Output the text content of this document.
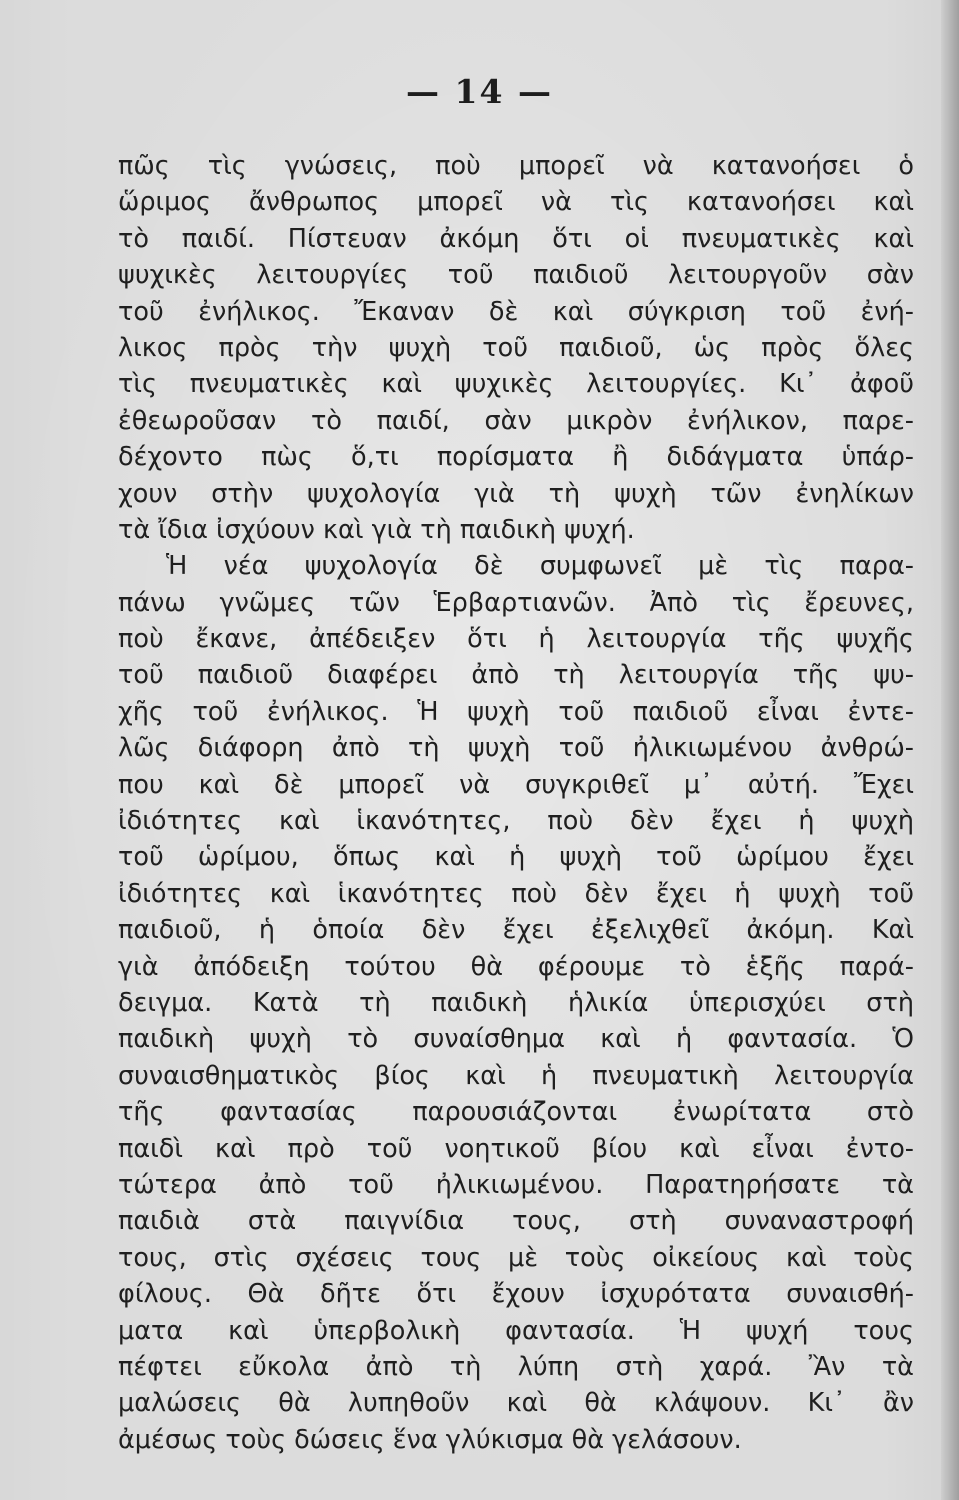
— 14 —
πῶς τὶς γνώσεις, ποὺ μπορεῖ νὰ κατανοήσει ὁ
ὥριμος ἄνθρωπος μπορεῖ νὰ τὶς κατανοήσει καὶ
τὸ παιδί. Πίστευαν ἀκόμη ὅτι οἱ πνευματικὲς καὶ
ψυχικὲς λειτουργίες τοῦ παιδιοῦ λειτουργοῦν σὰν
τοῦ ἐνήλικος. Ἔκαναν δὲ καὶ σύγκριση τοῦ ἐνή-
λικος πρὸς τὴν ψυχὴ τοῦ παιδιοῦ, ὡς πρὸς ὅλες
τὶς πνευματικὲς καὶ ψυχικὲς λειτουργίες. Κι᾿ ἀφοῦ
ἐθεωροῦσαν τὸ παιδί, σὰν μικρὸν ἐνήλικον, παρε-
δέχοντο πὼς ὅ,τι πορίσματα ἢ διδάγματα ὑπάρ-
χουν στὴν ψυχολογία γιὰ τὴ ψυχὴ τῶν ἐνηλίκων
τὰ ἴδια ἰσχύουν καὶ γιὰ τὴ παιδικὴ ψυχή.
Ἡ νέα ψυχολογία δὲ συμφωνεῖ μὲ τὶς παρα-
πάνω γνῶμες τῶν Ἑρβαρτιανῶν. Ἀπὸ τὶς ἔρευνες,
ποὺ ἔκανε, ἀπέδειξεν ὅτι ἡ λειτουργία τῆς ψυχῆς
τοῦ παιδιοῦ διαφέρει ἀπὸ τὴ λειτουργία τῆς ψυ-
χῆς τοῦ ἐνήλικος. Ἡ ψυχὴ τοῦ παιδιοῦ εἶναι ἐντε-
λῶς διάφορη ἀπὸ τὴ ψυχὴ τοῦ ἠλικιωμένου ἀνθρώ-
που καὶ δὲ μπορεῖ νὰ συγκριθεῖ μ᾿ αὐτή. Ἔχει
ἰδιότητες καὶ ἱκανότητες, ποὺ δὲν ἔχει ἡ ψυχὴ
τοῦ ὡρίμου, ὅπως καὶ ἡ ψυχὴ τοῦ ὡρίμου ἔχει
ἰδιότητες καὶ ἱκανότητες ποὺ δὲν ἔχει ἡ ψυχὴ τοῦ
παιδιοῦ, ἡ ὁποία δὲν ἔχει ἐξελιχθεῖ ἀκόμη. Καὶ
γιὰ ἀπόδειξη τούτου θὰ φέρουμε τὸ ἑξῆς παρά-
δειγμα. Κατὰ τὴ παιδικὴ ἡλικία ὑπερισχύει στὴ
παιδικὴ ψυχὴ τὸ συναίσθημα καὶ ἡ φαντασία. Ὁ
συναισθηματικὸς βίος καὶ ἡ πνευματικὴ λειτουργία
τῆς φαντασίας παρουσιάζονται ἐνωρίτατα στὸ
παιδὶ καὶ πρὸ τοῦ νοητικοῦ βίου καὶ εἶναι ἐντο-
τώτερα ἀπὸ τοῦ ἠλικιωμένου. Παρατηρήσατε τὰ
παιδιὰ στὰ παιγνίδια τους, στὴ συναναστροφή
τους, στὶς σχέσεις τους μὲ τοὺς οἰκείους καὶ τοὺς
φίλους. Θὰ δῆτε ὅτι ἔχουν ἰσχυρότατα συναισθή-
ματα καὶ ὑπερβολικὴ φαντασία. Ἡ ψυχή τους
πέφτει εὔκολα ἀπὸ τὴ λύπη στὴ χαρά. Ἂν τὰ
μαλώσεις θὰ λυπηθοῦν καὶ θὰ κλάψουν. Κι᾿ ἂν
ἀμέσως τοὺς δώσεις ἕνα γλύκισμα θὰ γελάσουν.
